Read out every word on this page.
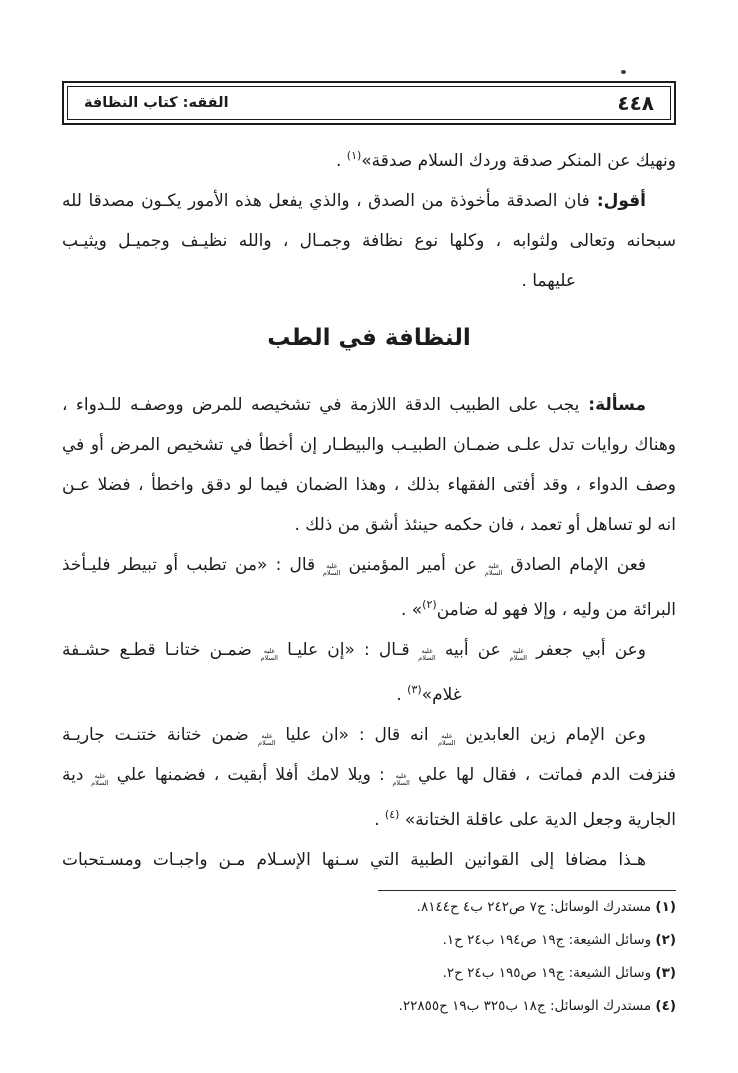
٤٤٨
الفقه: كتاب النظافة
ونهيك عن المنكر صدقة وردك السلام صدقة»$^{(١)}$ .
أقول: فان الصدقة مأخوذة من الصدق ، والذي يفعل هذه الأمور يكـون مصدقا لله
سبحانه وتعالى ولثوابه ، وكلها نوع نظافة وجمـال ، والله نظيـف وجميـل ويثيـب
عليهما .
النظافة في الطب
مسألة: يجب على الطبيب الدقة اللازمة في تشخيصه للمرض ووصفـه للـدواء ،
وهناك روايات تدل علـى ضمـان الطبيـب والبيطـار إن أخطأ في تشخيص المرض أو في
وصف الدواء ، وقد أفتى الفقهاء بذلك ، وهذا الضمان فيما لو دقق واخطأ ، فضلا عـن
انه لو تساهل أو تعمد ، فان حكمه حينئذ أشق من ذلك .
فعن الإمام الصادق عليه السلام عن أمير المؤمنين عليه السلام قال : «من تطبب أو تبيطر فليـأخذ
البرائة من وليه ، وإلا فهو له ضامن$^{(٢)}$» .
وعن أبي جعفر عليه السلام عن أبيه عليه السلام قـال : «إن عليـا عليه السلام ضمـن ختانـا قطـع حشـفة
غلام»$^{(٣)}$ .
وعن الإمام زين العابدين عليه السلام انه قال : «ان عليا عليه السلام ضمن ختانة ختنـت جاريـة
فنزفت الدم فماتت ، فقال لها علي عليه السلام : ويلا لامك أفلا أبقيت ، فضمنها علي عليه السلام دية
الجارية وجعل الدية على عاقلة الختانة» $^{(٤)}$ .
هـذا مضافا إلى القوانين الطبية التي سـنها الإسـلام مـن واجبـات ومسـتحبات
(١) مستدرك الوسائل: ج٧ ص٢٤٢ ب٤ ح٨١٤٤.
(٢) وسائل الشيعة: ج١٩ ص١٩٤ ب٢٤ ح١.
(٣) وسائل الشيعة: ج١٩ ص١٩٥ ب٢٤ ح٢.
(٤) مستدرك الوسائل: ج١٨ ب٣٢٥ ب١٩ ح٢٢٨٥٥.
